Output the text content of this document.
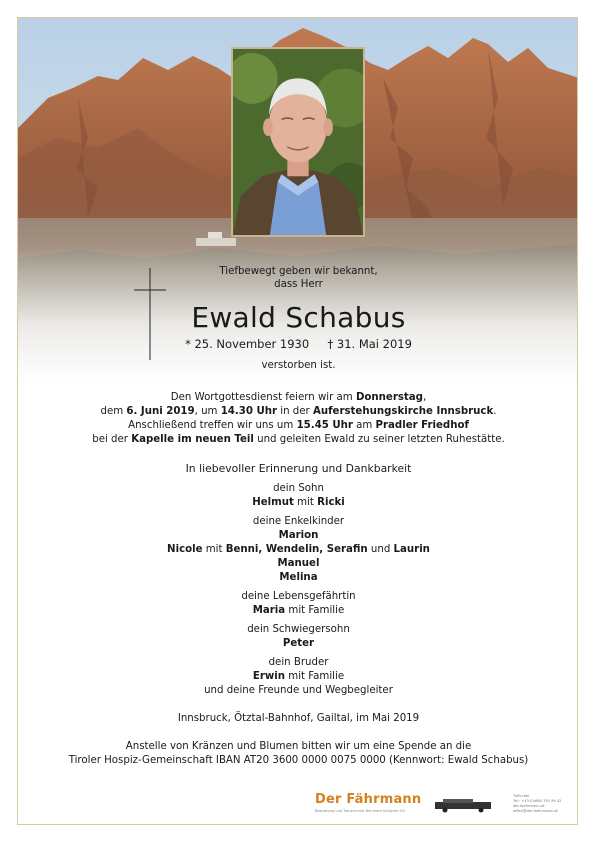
Tiefbewegt geben wir bekannt,
dass Herr
Ewald Schabus
* 25. November 1930 † 31. Mai 2019
verstorben ist.
Den Wortgottesdienst feiern wir am Donnerstag,
dem 6. Juni 2019, um 14.30 Uhr in der Auferstehungskirche Innsbruck.
Anschließend treffen wir uns um 15.45 Uhr am Pradler Friedhof
bei der Kapelle im neuen Teil und geleiten Ewald zu seiner letzten Ruhestätte.
In liebevoller Erinnerung und Dankbarkeit
dein Sohn
Helmut mit Ricki
deine Enkelkinder
Marion
Nicole mit Benni, Wendelin, Serafin und Laurin
Manuel
Melina
deine Lebensgefährtin
Maria mit Familie
dein Schwiegersohn
Peter
dein Bruder
Erwin mit Familie
und deine Freunde und Wegbegleiter
Innsbruck, Ötztal-Bahnhof, Gailtal, im Mai 2019
Anstelle von Kränzen und Blumen bitten wir um eine Spende an die
Tiroler Hospiz-Gemeinschaft IBAN AT20 3600 0000 0075 0000 (Kennwort: Ewald Schabus)
Der Fährmann
Bestattung und Trauermusik Bernhard Schöpfer OG
Tulfs-Hall
Tel.: +43 (0)660 755 99 42
der-faehrmann.at · office@der-faehrmann.at
